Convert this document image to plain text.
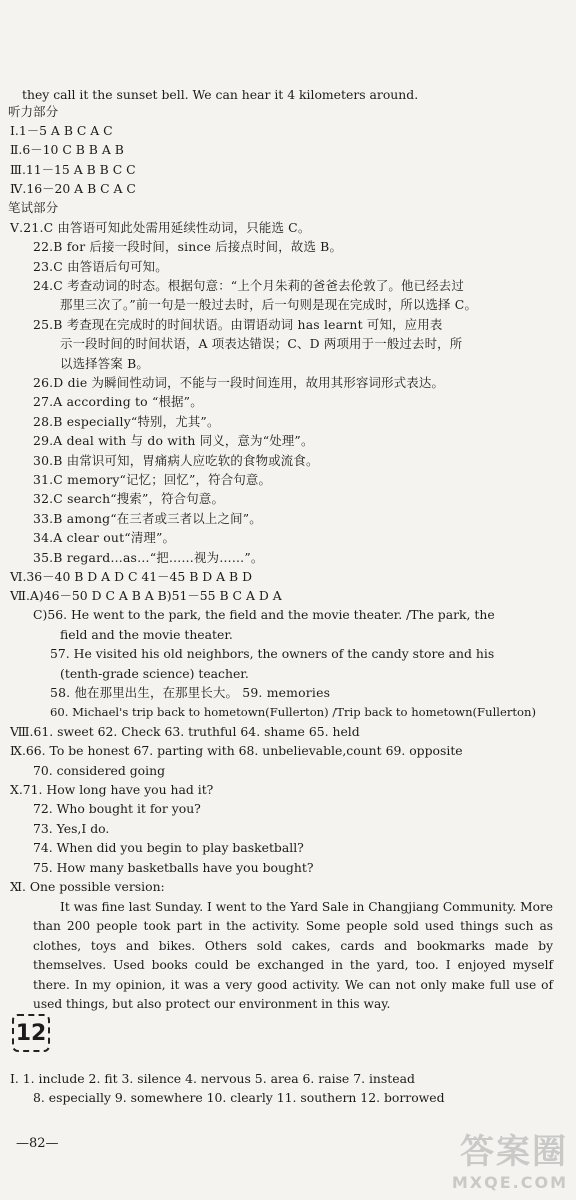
they call it the sunset bell. We can hear it 4 kilometers around.
听力部分
Ⅰ.1－5 A B C A C
Ⅱ.6－10 C B B A B
Ⅲ.11－15 A B B C C
Ⅳ.16－20 A B C A C
笔试部分
Ⅴ.21.C 由答语可知此处需用延续性动词，只能选 C。
22.B for 后接一段时间，since 后接点时间，故选 B。
23.C 由答语后句可知。
24.C 考查动词的时态。根据句意：“上个月朱莉的爸爸去伦敦了。他已经去过
那里三次了。”前一句是一般过去时，后一句则是现在完成时，所以选择 C。
25.B 考查现在完成时的时间状语。由谓语动词 has learnt 可知，应用表
示一段时间的时间状语，A 项表达错误；C、D 两项用于一般过去时，所
以选择答案 B。
26.D die 为瞬间性动词，不能与一段时间连用，故用其形容词形式表达。
27.A according to “根据”。
28.B especially“特别，尤其”。
29.A deal with 与 do with 同义，意为“处理”。
30.B 由常识可知，胃痛病人应吃软的食物或流食。
31.C memory“记忆；回忆”，符合句意。
32.C search“搜索”，符合句意。
33.B among“在三者或三者以上之间”。
34.A clear out“清理”。
35.B regard…as…“把……视为……”。
Ⅵ.36－40 B D A D C 41－45 B D A B D
Ⅶ.A)46－50 D C A B A B)51－55 B C A D A
C)56. He went to the park, the field and the movie theater. /The park, the
field and the movie theater.
57. He visited his old neighbors, the owners of the candy store and his
(tenth-grade science) teacher.
58. 他在那里出生，在那里长大。 59. memories
60. Michael's trip back to hometown(Fullerton) /Trip back to hometown(Fullerton)
Ⅷ.61. sweet 62. Check 63. truthful 64. shame 65. held
Ⅸ.66. To be honest 67. parting with 68. unbelievable,count 69. opposite
70. considered going
Ⅹ.71. How long have you had it?
72. Who bought it for you?
73. Yes,I do.
74. When did you begin to play basketball?
75. How many basketballs have you bought?
Ⅺ. One possible version:
It was fine last Sunday. I went to the Yard Sale in Changjiang Community. More than 200 people took part in the activity. Some people sold used things such as clothes, toys and bikes. Others sold cakes, cards and bookmarks made by themselves. Used books could be exchanged in the yard, too. I enjoyed myself there. In my opinion, it was a very good activity. We can not only make full use of used things, but also protect our environment in this way.
12
Ⅰ. 1. include 2. fit 3. silence 4. nervous 5. area 6. raise 7. instead
8. especially 9. somewhere 10. clearly 11. southern 12. borrowed
—82—	答案圈
MXQE.COM
